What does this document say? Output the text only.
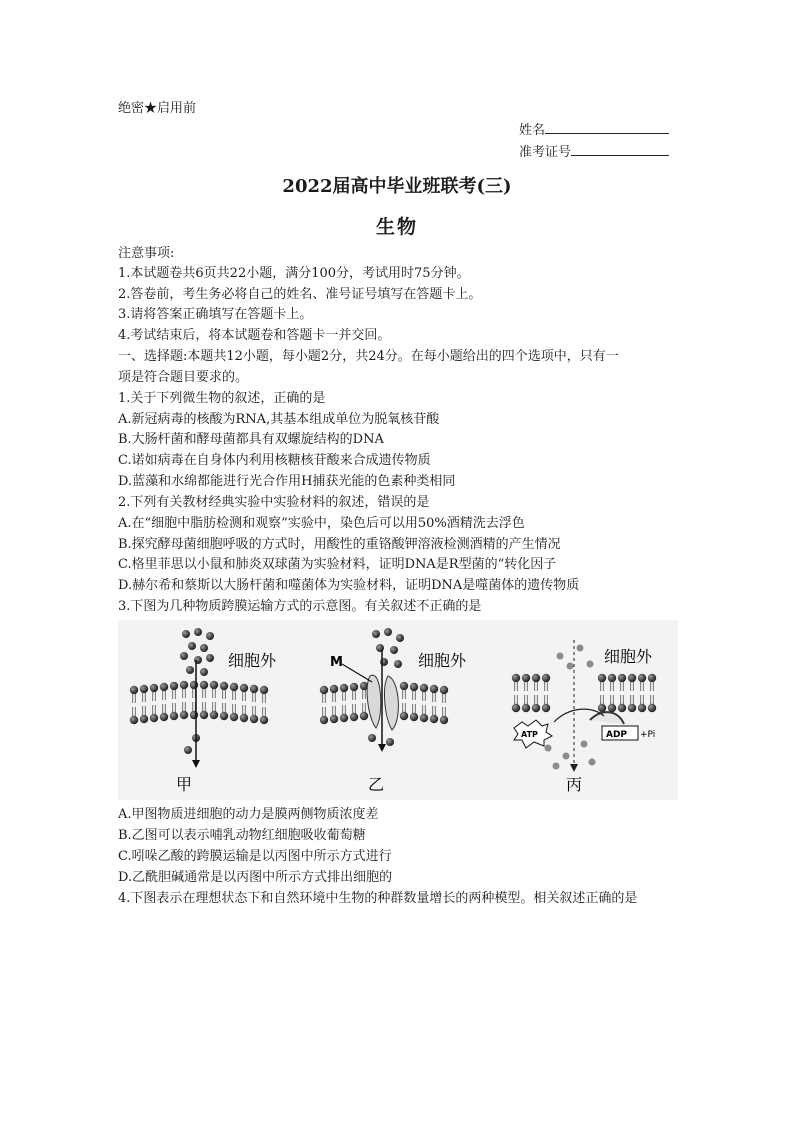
绝密★启用前
姓名
准考证号
2022届高中毕业班联考(三)
生物
注意事项:
1.本试题卷共6页共22小题，满分100分，考试用时75分钟。
2.答卷前，考生务必将自己的姓名、准号证号填写在答题卡上。
3.请将答案正确填写在答题卡上。
4.考试结束后，将本试题卷和答题卡一并交回。
一、选择题:本题共12小题，每小题2分，共24分。在每小题给出的四个选项中，只有一
项是符合题目要求的。
1.关于下列微生物的叙述，正确的是
A.新冠病毒的核酸为RNA,其基本组成单位为脱氧核苷酸
B.大肠杆菌和酵母菌都具有双螺旋结构的DNA
C.诺如病毒在自身体内利用核糖核苷酸来合成遗传物质
D.蓝藻和水绵都能进行光合作用H捕获光能的色素种类相同
2.下列有关教材经典实验中实验材料的叙述，错误的是
A.在“细胞中脂肪检测和观察”实验中，染色后可以用50%酒精洗去浮色
B.探究酵母菌细胞呼吸的方式时，用酸性的重铬酸钾溶液检测酒精的产生情况
C.格里菲思以小鼠和肺炎双球菌为实验材料，证明DNA是R型菌的“转化因子
D.赫尔希和蔡斯以大肠杆菌和噬菌体为实验材料，证明DNA是噬菌体的遗传物质
3.下图为几种物质跨膜运输方式的示意图。有关叙述不正确的是
细胞外
甲
M	细胞外
乙
ATP	ADP +Pi
细胞外
丙
A.甲图物质进细胞的动力是膜两侧物质浓度差
B.乙图可以表示哺乳动物红细胞吸收葡萄糖
C.吲哚乙酸的跨膜运输是以丙图中所示方式进行
D.乙酰胆碱通常是以丙图中所示方式排出细胞的
4.下图表示在理想状态下和自然环境中生物的种群数量增长的两种模型。相关叙述正确的是
